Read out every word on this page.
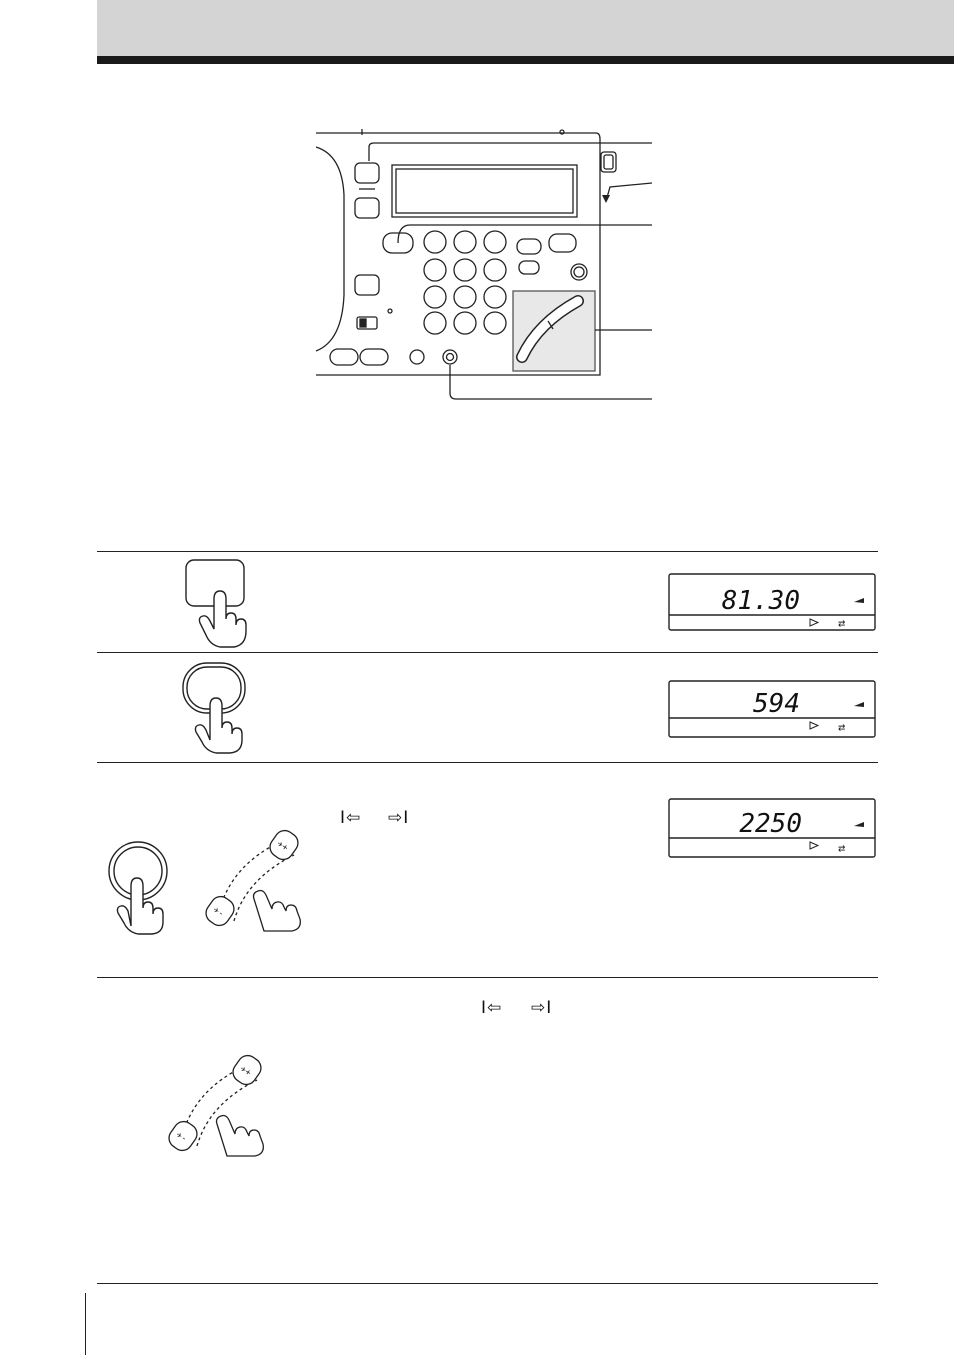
81.30
⇄
594
⇄
I⇦ ⇨I
✈+
✈-
2250
⇄
I⇦ ⇨I
✈+
✈-
